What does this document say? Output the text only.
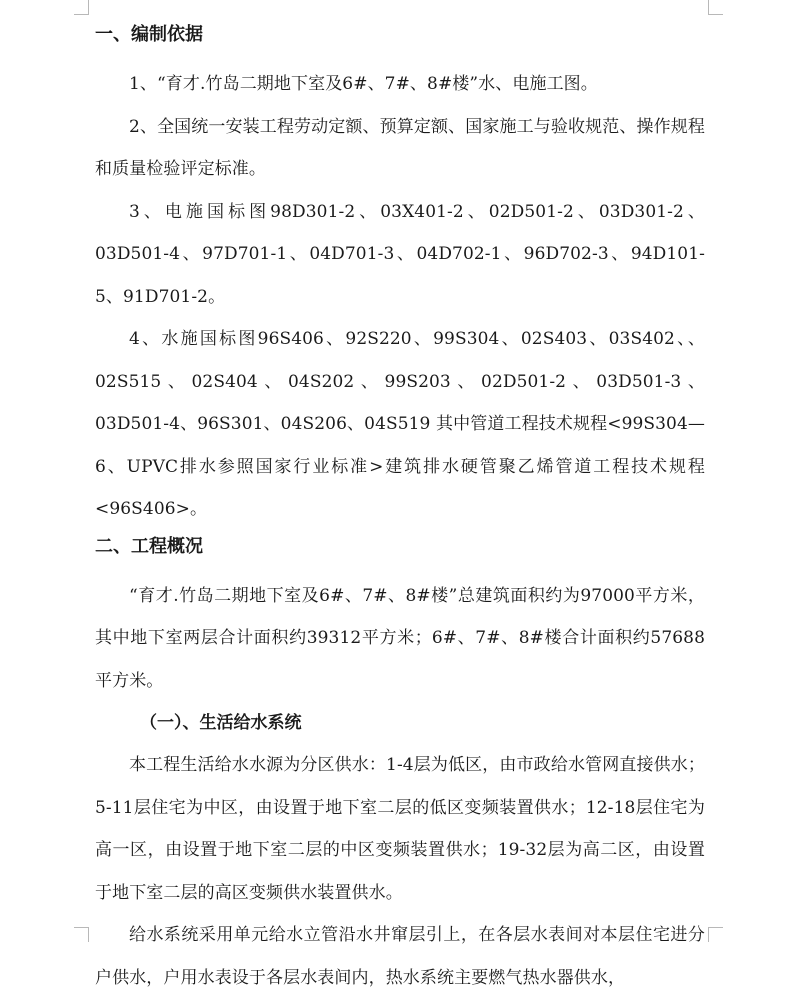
一、编制依据

1、“育才.竹岛二期地下室及6#、7#、8#楼”水、电施工图。

2、全国统一安装工程劳动定额、预算定额、国家施工与验收规范、操作规程和质量检验评定标准。

3、电施国标图98D301-2、03X401-2、02D501-2、03D301-2、03D501-4、97D701-1、04D701-3、04D702-1、96D702-3、94D101-5、91D701-2。

4、水施国标图96S406、92S220、99S304、02S403、03S402、、02S515、02S404、04S202、99S203、02D501-2、03D501-3、03D501-4、96S301、04S206、04S519 其中管道工程技术规程<99S304—6、UPVC排水参照国家行业标准>建筑排水硬管聚乙烯管道工程技术规程<96S406>。

二、工程概况

“育才.竹岛二期地下室及6#、7#、8#楼”总建筑面积约为97000平方米，其中地下室两层合计面积约39312平方米；6#、7#、8#楼合计面积约57688平方米。

（一）、生活给水系统

本工程生活给水水源为分区供水：1-4层为低区，由市政给水管网直接供水；5-11层住宅为中区，由设置于地下室二层的低区变频装置供水；12-18层住宅为高一区，由设置于地下室二层的中区变频装置供水；19-32层为高二区，由设置于地下室二层的高区变频供水装置供水。

给水系统采用单元给水立管沿水井窜层引上，在各层水表间对本层住宅进分户供水，户用水表设于各层水表间内，热水系统主要燃气热水器供水，
